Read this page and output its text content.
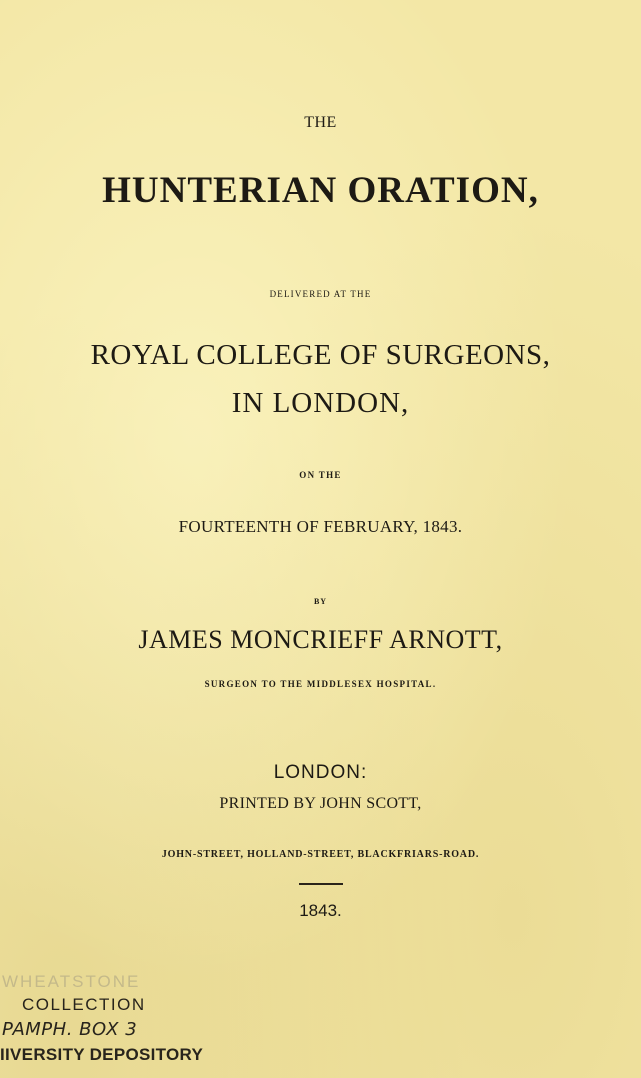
THE
HUNTERIAN ORATION,
DELIVERED AT THE
ROYAL COLLEGE OF SURGEONS,
IN LONDON,
ON THE
FOURTEENTH OF FEBRUARY, 1843.
BY
JAMES MONCRIEFF ARNOTT,
SURGEON TO THE MIDDLESEX HOSPITAL.
LONDON:
PRINTED BY JOHN SCOTT,
JOHN-STREET, HOLLAND-STREET, BLACKFRIARS-ROAD.
1843.
WHEATSTONE
COLLECTION
PAMPH. BOX 3
IIVERSITY DEPOSITORY
